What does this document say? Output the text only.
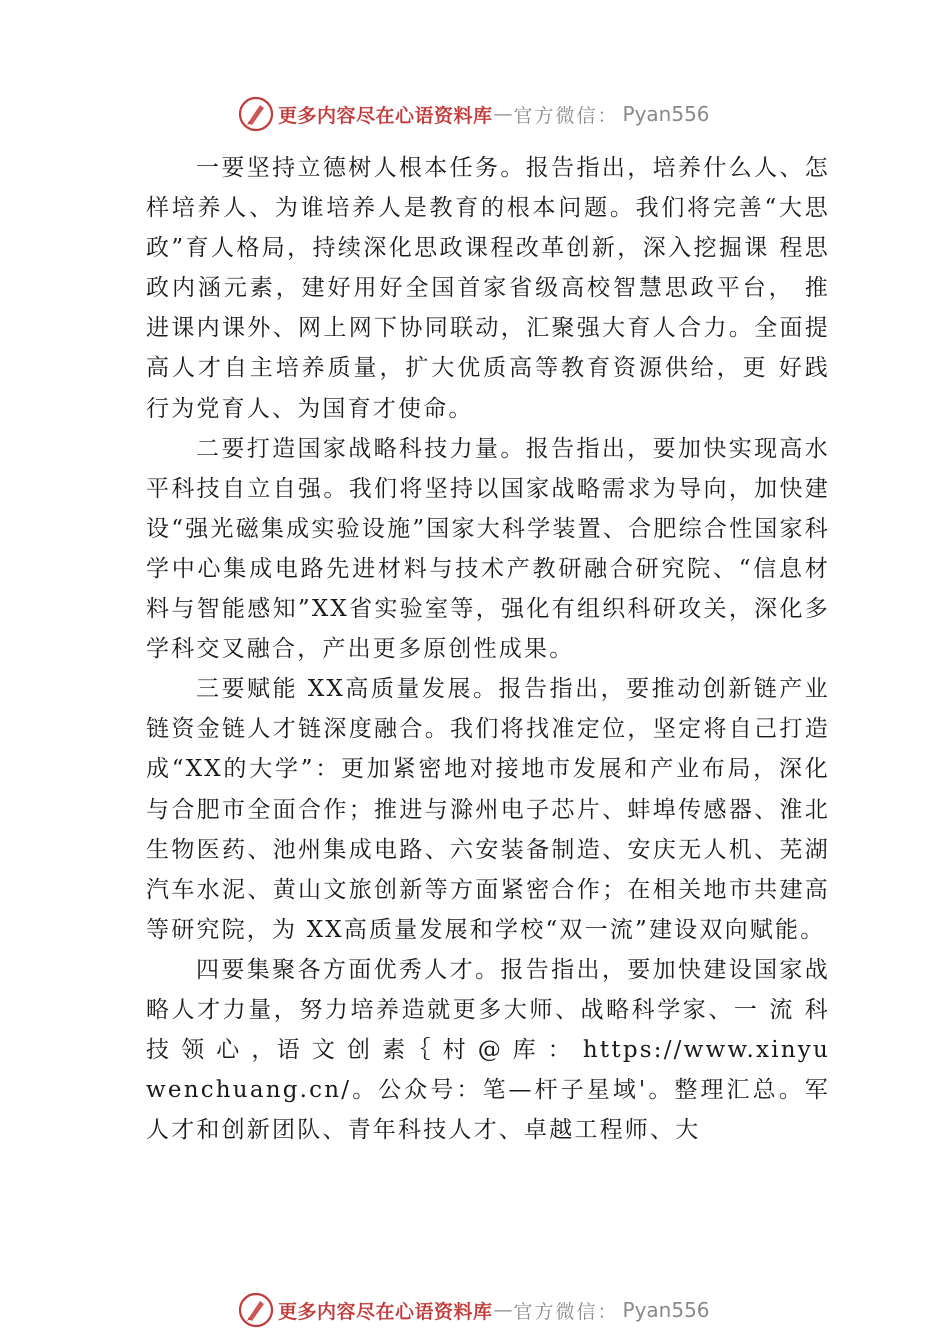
更多内容尽在心语资料库 — 官方微信： Pyan556

一要坚持立德树人根本任务。报告指出，培养什么人、怎样培养人、为谁培养人是教育的根本问题。我们将完善“大思政”育人格局，持续深化思政课程改革创新，深入挖掘课 程思政内涵元素，建好用好全国首家省级高校智慧思政平台， 推进课内课外、网上网下协同联动，汇聚强大育人合力。全面提高人才自主培养质量，扩大优质高等教育资源供给，更 好践行为党育人、为国育才使命。

二要打造国家战略科技力量。报告指出，要加快实现高水平科技自立自强。我们将坚持以国家战略需求为导向，加快建设“强光磁集成实验设施”国家大科学装置、合肥综合性国家科学中心集成电路先进材料与技术产教研融合研究院、“信息材料与智能感知”XX省实验室等，强化有组织科研攻关，深化多学科交叉融合，产出更多原创性成果。

三要赋能 XX高质量发展。报告指出，要推动创新链产业链资金链人才链深度融合。我们将找准定位，坚定将自己打造成“XX的大学”：更加紧密地对接地市发展和产业布局，深化与合肥市全面合作；推进与滁州电子芯片、蚌埠传感器、淮北生物医药、池州集成电路、六安装备制造、安庆无人机、芜湖汽车水泥、黄山文旅创新等方面紧密合作；在相关地市共建高等研究院，为 XX高质量发展和学校“双一流”建设双向赋能。

四要集聚各方面优秀人才。报告指出，要加快建设国家战略人才力量，努力培养造就更多大师、战略科学家、一 流 科 技 领 心 ，语 文 创 素｛ 村 @ 库 ： https://www.xinyuwenchuang.cn/。公众号：笔—杆子星域'。整理汇总。军人才和创新团队、青年科技人才、卓越工程师、大

更多内容尽在心语资料库 — 官方微信： Pyan556
